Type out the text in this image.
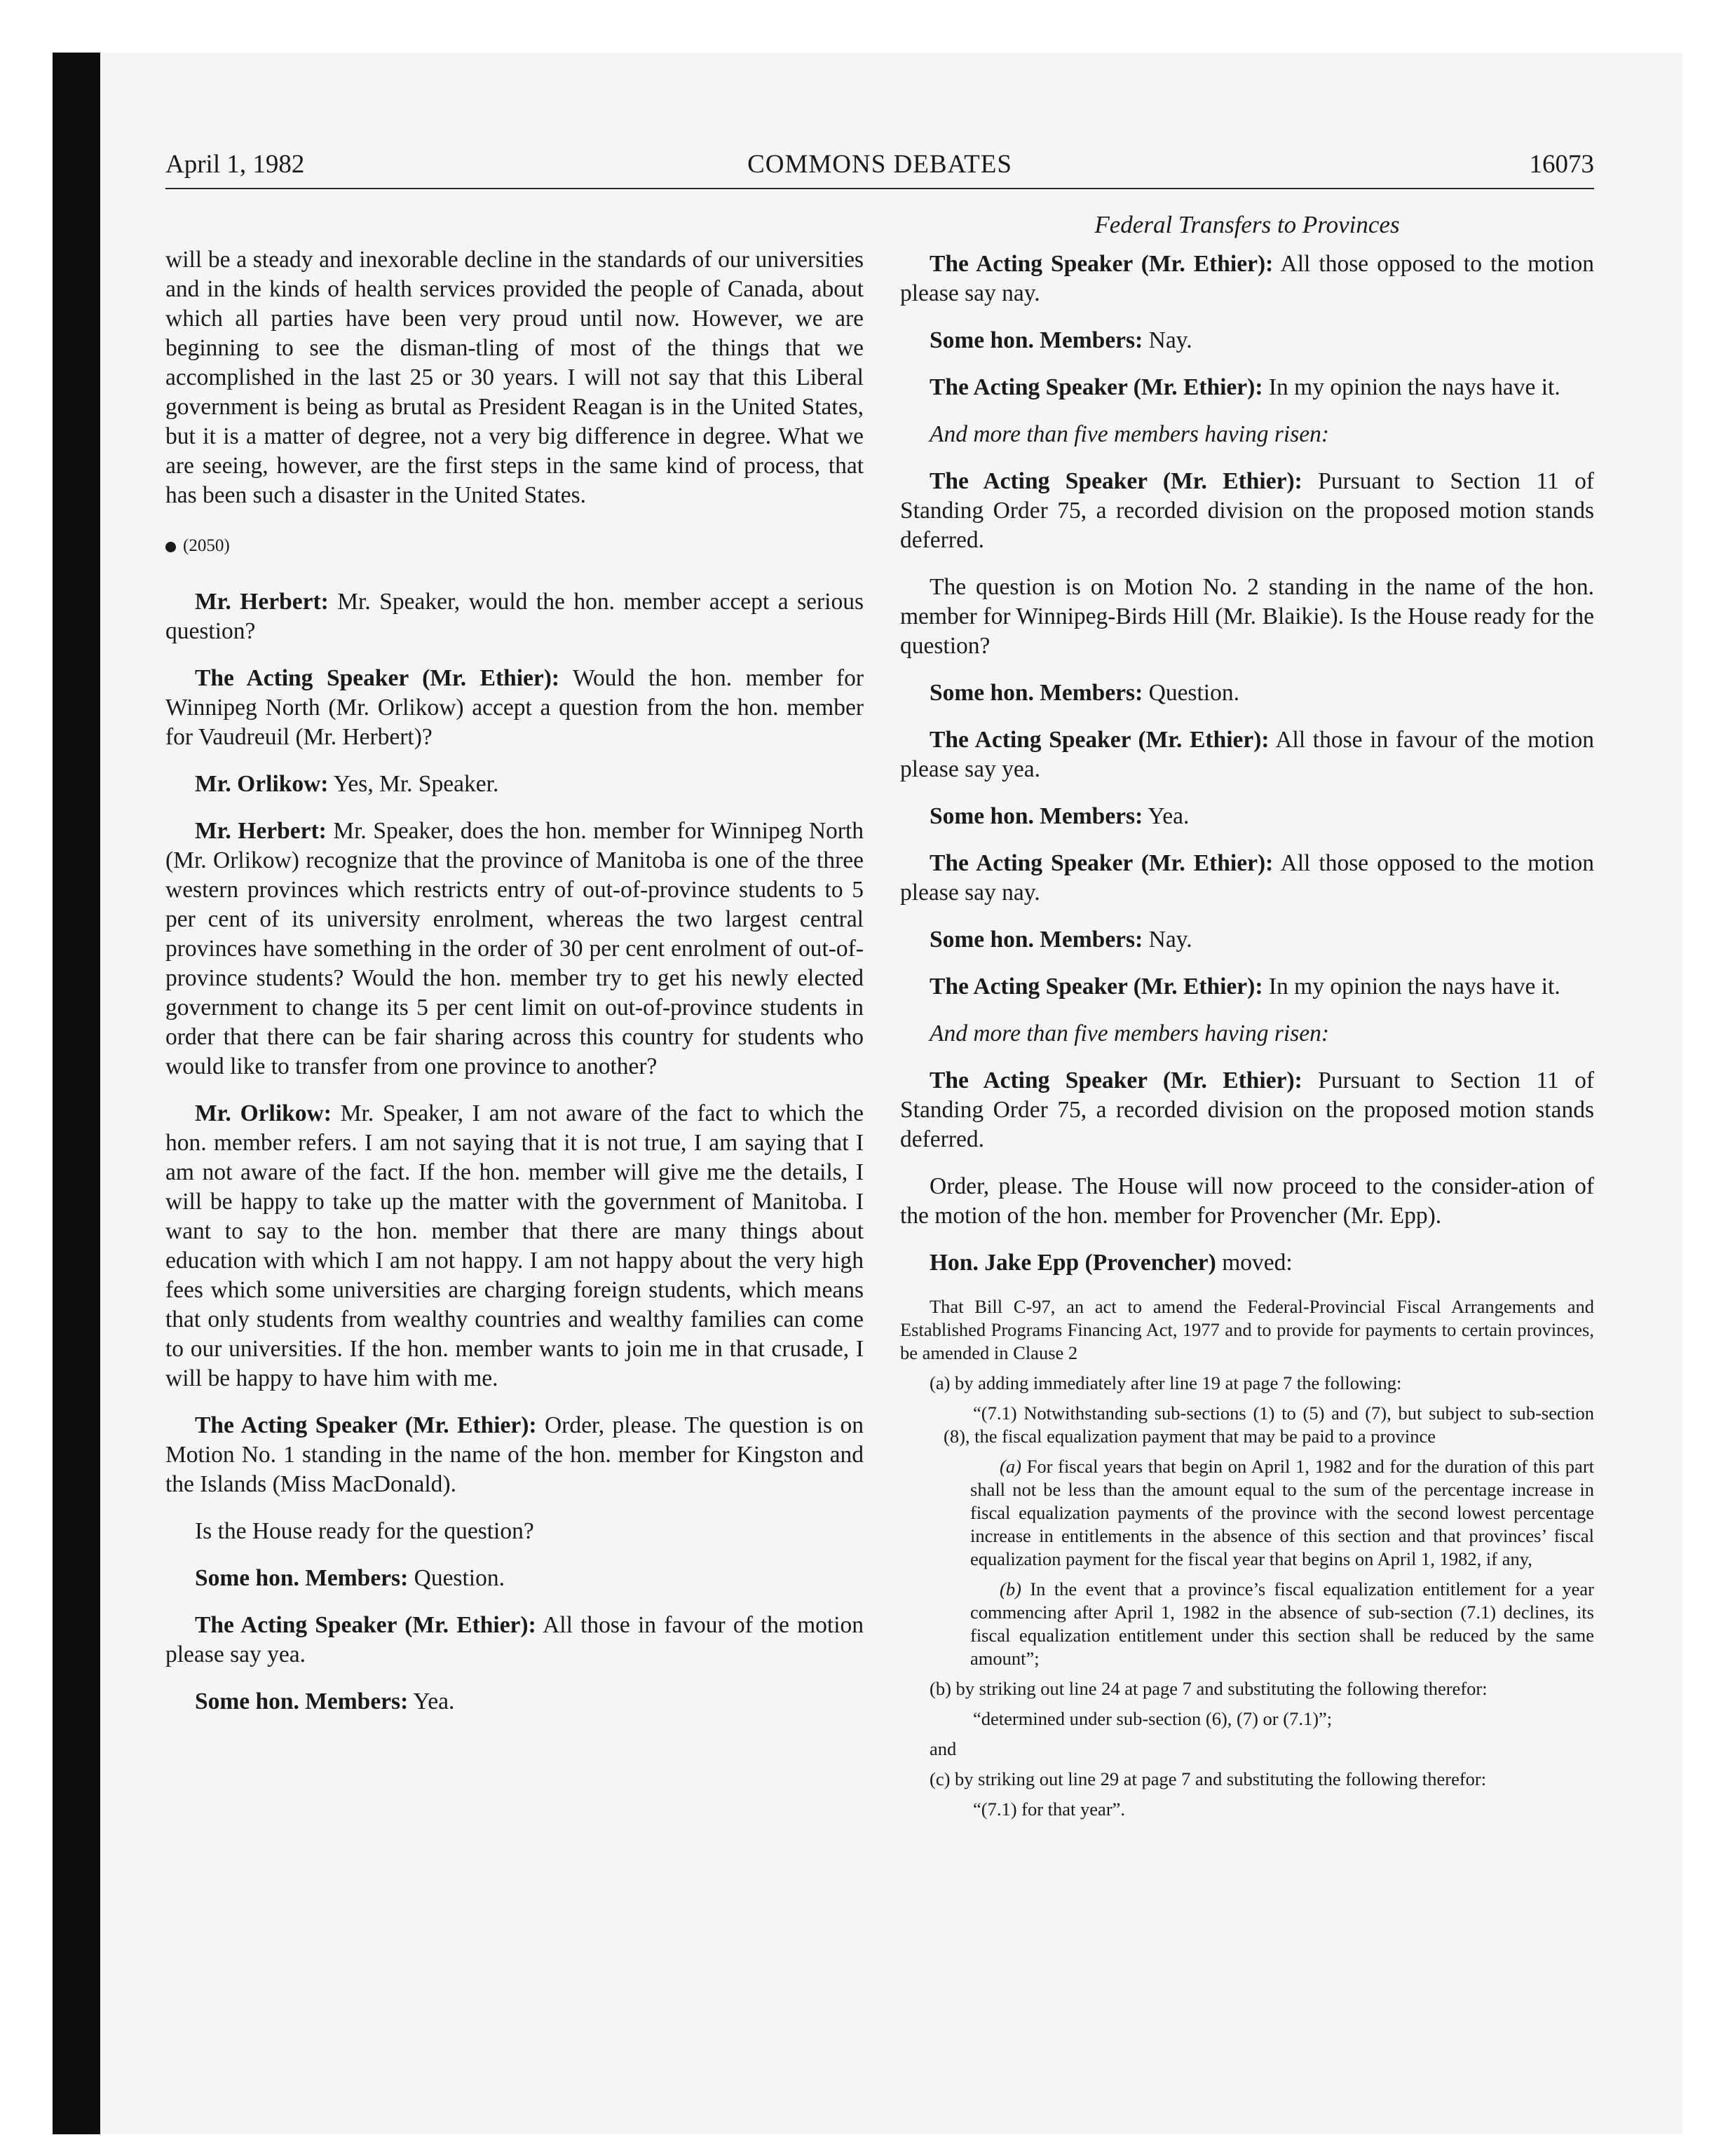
COMMONS DEBATES
April 1, 1982	16073

will be a steady and inexorable decline in the standards of our universities and in the kinds of health services provided the people of Canada, about which all parties have been very proud until now. However, we are beginning to see the disman-tling of most of the things that we accomplished in the last 25 or 30 years. I will not say that this Liberal government is being as brutal as President Reagan is in the United States, but it is a matter of degree, not a very big difference in degree. What we are seeing, however, are the first steps in the same kind of process, that has been such a disaster in the United States.

(2050)

Mr. Herbert: Mr. Speaker, would the hon. member accept a serious question?

The Acting Speaker (Mr. Ethier): Would the hon. member for Winnipeg North (Mr. Orlikow) accept a question from the hon. member for Vaudreuil (Mr. Herbert)?

Mr. Orlikow: Yes, Mr. Speaker.

Mr. Herbert: Mr. Speaker, does the hon. member for Winnipeg North (Mr. Orlikow) recognize that the province of Manitoba is one of the three western provinces which restricts entry of out-of-province students to 5 per cent of its university enrolment, whereas the two largest central provinces have something in the order of 30 per cent enrolment of out-of-province students? Would the hon. member try to get his newly elected government to change its 5 per cent limit on out-of-province students in order that there can be fair sharing across this country for students who would like to transfer from one province to another?

Mr. Orlikow: Mr. Speaker, I am not aware of the fact to which the hon. member refers. I am not saying that it is not true, I am saying that I am not aware of the fact. If the hon. member will give me the details, I will be happy to take up the matter with the government of Manitoba. I want to say to the hon. member that there are many things about education with which I am not happy. I am not happy about the very high fees which some universities are charging foreign students, which means that only students from wealthy countries and wealthy families can come to our universities. If the hon. member wants to join me in that crusade, I will be happy to have him with me.

The Acting Speaker (Mr. Ethier): Order, please. The question is on Motion No. 1 standing in the name of the hon. member for Kingston and the Islands (Miss MacDonald).

Is the House ready for the question?

Some hon. Members: Question.

The Acting Speaker (Mr. Ethier): All those in favour of the motion please say yea.

Some hon. Members: Yea.

Federal Transfers to Provinces

The Acting Speaker (Mr. Ethier): All those opposed to the motion please say nay.

Some hon. Members: Nay.

The Acting Speaker (Mr. Ethier): In my opinion the nays have it.

And more than five members having risen:

The Acting Speaker (Mr. Ethier): Pursuant to Section 11 of Standing Order 75, a recorded division on the proposed motion stands deferred.

The question is on Motion No. 2 standing in the name of the hon. member for Winnipeg-Birds Hill (Mr. Blaikie). Is the House ready for the question?

Some hon. Members: Question.

The Acting Speaker (Mr. Ethier): All those in favour of the motion please say yea.

Some hon. Members: Yea.

The Acting Speaker (Mr. Ethier): All those opposed to the motion please say nay.

Some hon. Members: Nay.

The Acting Speaker (Mr. Ethier): In my opinion the nays have it.

And more than five members having risen:

The Acting Speaker (Mr. Ethier): Pursuant to Section 11 of Standing Order 75, a recorded division on the proposed motion stands deferred.

Order, please. The House will now proceed to the consider-ation of the motion of the hon. member for Provencher (Mr. Epp).

Hon. Jake Epp (Provencher) moved:

That Bill C-97, an act to amend the Federal-Provincial Fiscal Arrangements and Established Programs Financing Act, 1977 and to provide for payments to certain provinces, be amended in Clause 2

(a) by adding immediately after line 19 at page 7 the following:

“(7.1) Notwithstanding sub-sections (1) to (5) and (7), but subject to sub-section (8), the fiscal equalization payment that may be paid to a province

(a) For fiscal years that begin on April 1, 1982 and for the duration of this part shall not be less than the amount equal to the sum of the percentage increase in fiscal equalization payments of the province with the second lowest percentage increase in entitlements in the absence of this section and that provinces’ fiscal equalization payment for the fiscal year that begins on April 1, 1982, if any,

(b) In the event that a province’s fiscal equalization entitlement for a year commencing after April 1, 1982 in the absence of sub-section (7.1) declines, its fiscal equalization entitlement under this section shall be reduced by the same amount”;

(b) by striking out line 24 at page 7 and substituting the following therefor:

“determined under sub-section (6), (7) or (7.1)”;

and

(c) by striking out line 29 at page 7 and substituting the following therefor:

“(7.1) for that year”.
